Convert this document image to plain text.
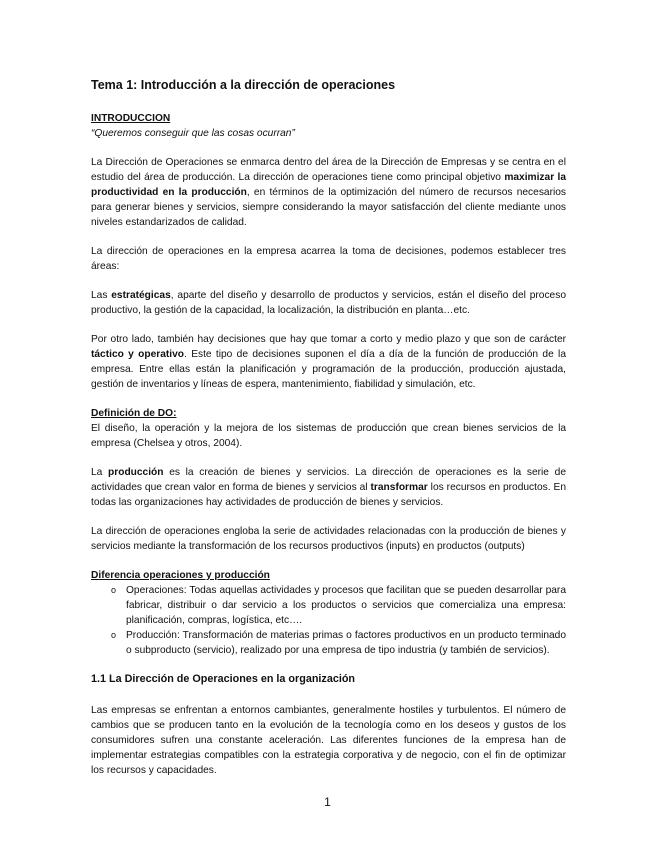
Tema 1: Introducción a la dirección de operaciones

INTRODUCCION

“Queremos conseguir que las cosas ocurran”

La Dirección de Operaciones se enmarca dentro del área de la Dirección de Empresas y se centra en el estudio del área de producción. La dirección de operaciones tiene como principal objetivo maximizar la productividad en la producción, en términos de la optimización del número de recursos necesarios para generar bienes y servicios, siempre considerando la mayor satisfacción del cliente mediante unos niveles estandarizados de calidad.

La dirección de operaciones en la empresa acarrea la toma de decisiones, podemos establecer tres áreas:

Las estratégicas, aparte del diseño y desarrollo de productos y servicios, están el diseño del proceso productivo, la gestión de la capacidad, la localización, la distribución en planta…etc.

Por otro lado, también hay decisiones que hay que tomar a corto y medio plazo y que son de carácter táctico y operativo. Este tipo de decisiones suponen el día a día de la función de producción de la empresa. Entre ellas están la planificación y programación de la producción, producción ajustada, gestión de inventarios y líneas de espera, mantenimiento, fiabilidad y simulación, etc.

Definición de DO:

El diseño, la operación y la mejora de los sistemas de producción que crean bienes servicios de la empresa (Chelsea y otros, 2004).

La producción es la creación de bienes y servicios. La dirección de operaciones es la serie de actividades que crean valor en forma de bienes y servicios al transformar los recursos en productos. En todas las organizaciones hay actividades de producción de bienes y servicios.

La dirección de operaciones engloba la serie de actividades relacionadas con la producción de bienes y servicios mediante la transformación de los recursos productivos (inputs) en productos (outputs)

Diferencia operaciones y producción

o Operaciones: Todas aquellas actividades y procesos que facilitan que se pueden desarrollar para fabricar, distribuir o dar servicio a los productos o servicios que comercializa una empresa: planificación, compras, logística, etc….
o Producción: Transformación de materias primas o factores productivos en un producto terminado o subproducto (servicio), realizado por una empresa de tipo industria (y también de servicios).

1.1 La Dirección de Operaciones en la organización

Las empresas se enfrentan a entornos cambiantes, generalmente hostiles y turbulentos. El número de cambios que se producen tanto en la evolución de la tecnología como en los deseos y gustos de los consumidores sufren una constante aceleración. Las diferentes funciones de la empresa han de implementar estrategias compatibles con la estrategia corporativa y de negocio, con el fin de optimizar los recursos y capacidades.

1
